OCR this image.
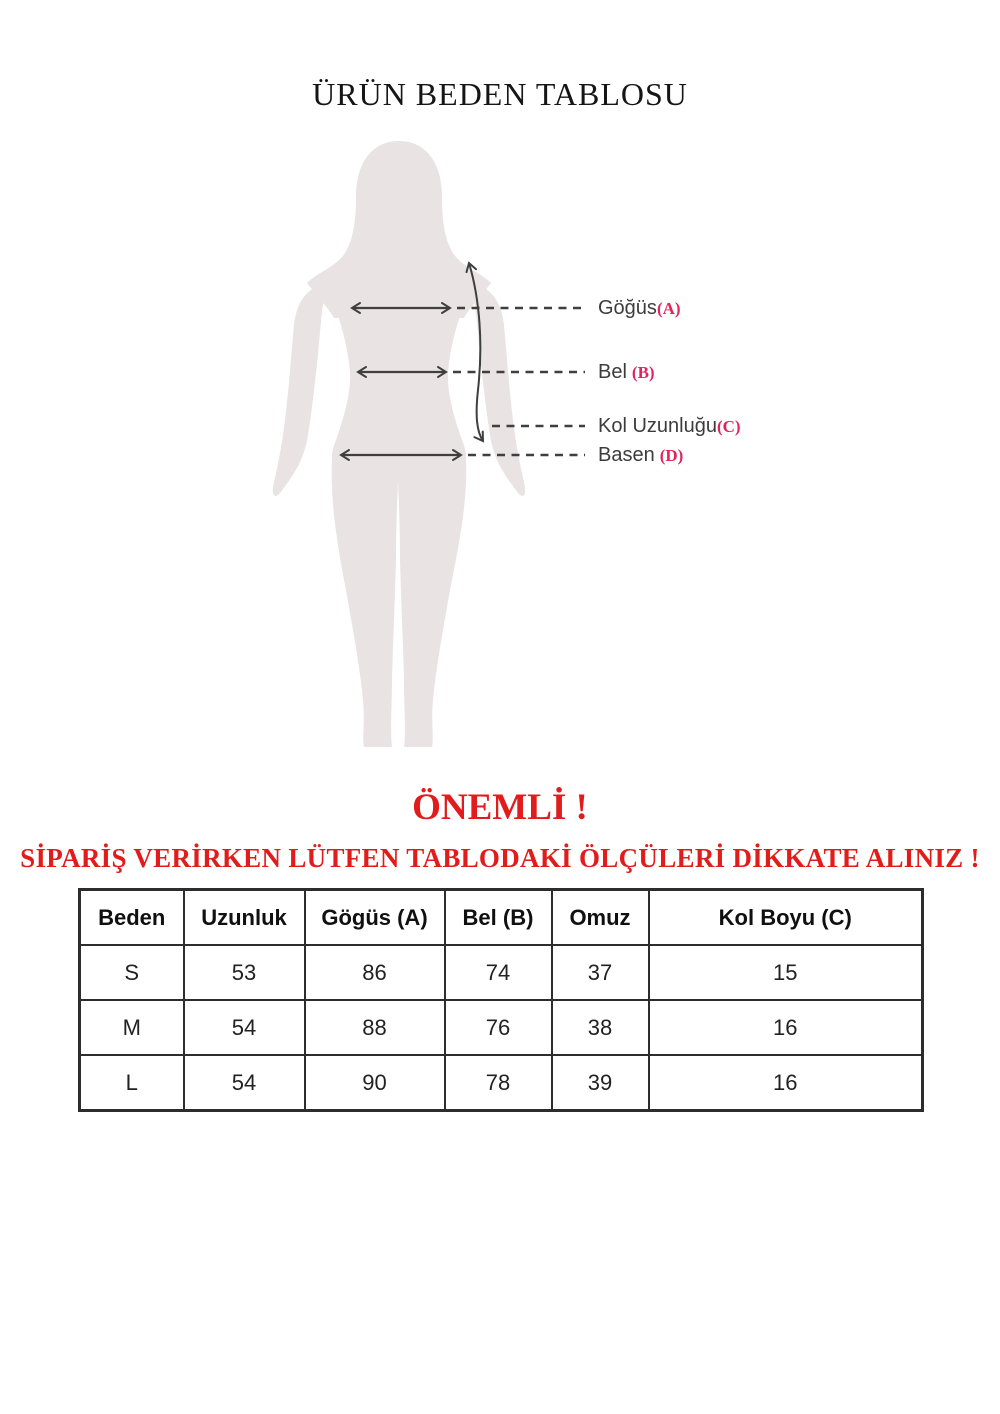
ÜRÜN BEDEN TABLOSU
Göğüs(A)
Bel (B)
Kol Uzunluğu(C)
Basen (D)
ÖNEMLİ !

SİPARİŞ VERİRKEN LÜTFEN TABLODAKİ ÖLÇÜLERİ DİKKATE ALINIZ !

Beden	Uzunluk	Gögüs (A)	Bel (B)	Omuz	Kol Boyu (C)
S	53	86	74	37	15
M	54	88	76	38	16
L	54	90	78	39	16
